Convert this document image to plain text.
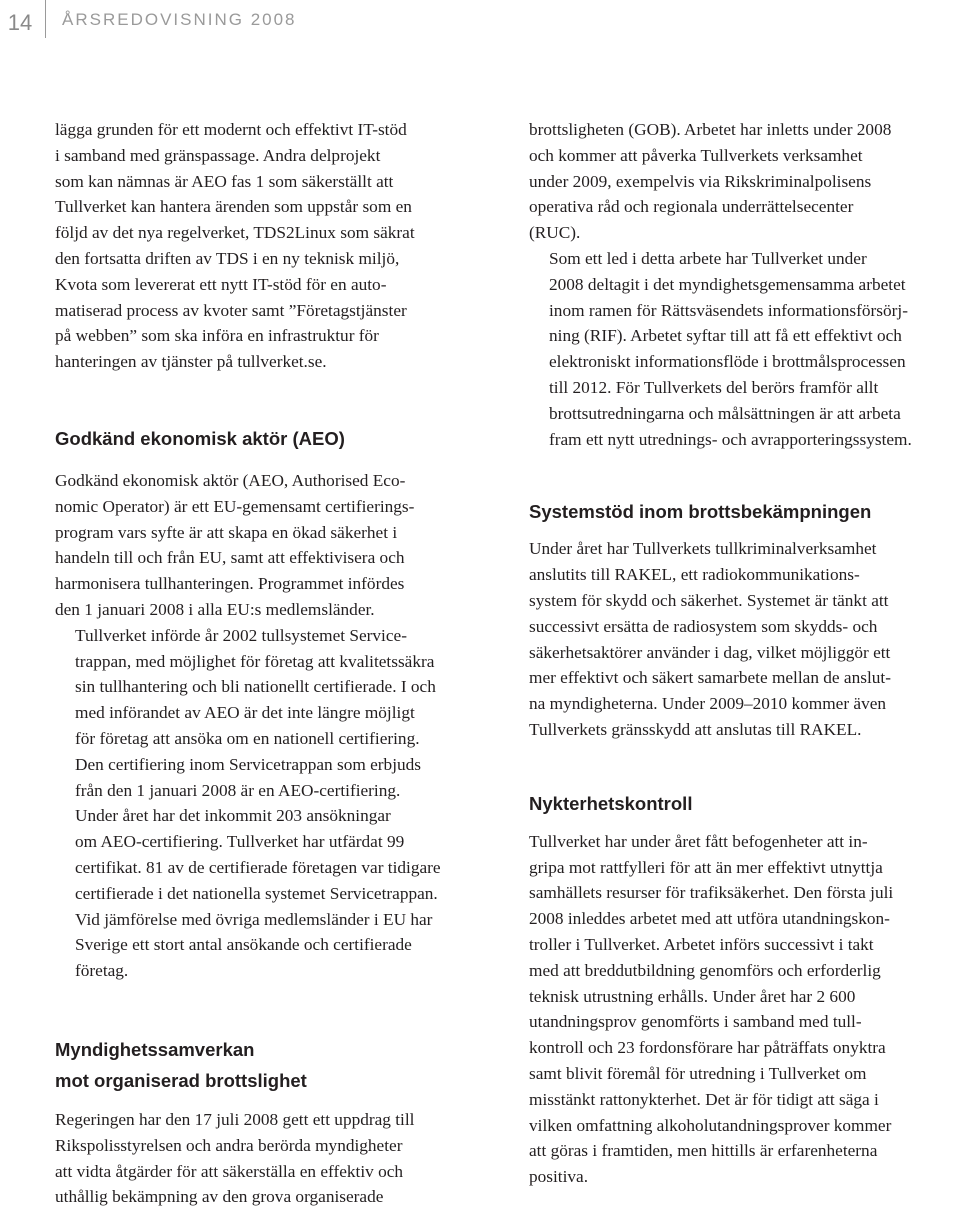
14	ÅRSREDOVISNING 2008

lägga grunden för ett modernt och effektivt IT-stöd
i samband med gränspassage. Andra delprojekt
som kan nämnas är AEO fas 1 som säkerställt att
Tullverket kan hantera ärenden som uppstår som en
följd av det nya regelverket, TDS2Linux som säkrat
den fortsatta driften av TDS i en ny teknisk miljö,
Kvota som levererat ett nytt IT-stöd för en auto-
matiserad process av kvoter samt ”Företagstjänster
på webben” som ska införa en infrastruktur för
hanteringen av tjänster på tullverket.se.

Godkänd ekonomisk aktör (AEO)

Godkänd ekonomisk aktör (AEO, Authorised Eco-
nomic Operator) är ett EU-gemensamt certifierings-
program vars syfte är att skapa en ökad säkerhet i
handeln till och från EU, samt att effektivisera och
harmonisera tullhanteringen. Programmet infördes
den 1 januari 2008 i alla EU:s medlemsländer.

Tullverket införde år 2002 tullsystemet Service-
trappan, med möjlighet för företag att kvalitetssäkra
sin tullhantering och bli nationellt certifierade. I och
med införandet av AEO är det inte längre möjligt
för företag att ansöka om en nationell certifiering.
Den certifiering inom Servicetrappan som erbjuds
från den 1 januari 2008 är en AEO-certifiering.

Under året har det inkommit 203 ansökningar
om AEO-certifiering. Tullverket har utfärdat 99
certifikat. 81 av de certifierade företagen var tidigare
certifierade i det nationella systemet Servicetrappan.
Vid jämförelse med övriga medlemsländer i EU har
Sverige ett stort antal ansökande och certifierade
företag.

Myndighetssamverkan
mot organiserad brottslighet

Regeringen har den 17 juli 2008 gett ett uppdrag till
Rikspolisstyrelsen och andra berörda myndigheter
att vidta åtgärder för att säkerställa en effektiv och
uthållig bekämpning av den grova organiserade

brottsligheten (GOB). Arbetet har inletts under 2008
och kommer att påverka Tullverkets verksamhet
under 2009, exempelvis via Rikskriminalpolisens
operativa råd och regionala underrättelsecenter
(RUC).

Som ett led i detta arbete har Tullverket under
2008 deltagit i det myndighetsgemensamma arbetet
inom ramen för Rättsväsendets informationsförsörj-
ning (RIF). Arbetet syftar till att få ett effektivt och
elektroniskt informationsflöde i brottmålsprocessen
till 2012. För Tullverkets del berörs framför allt
brottsutredningarna och målsättningen är att arbeta
fram ett nytt utrednings- och avrapporteringssystem.

Systemstöd inom brottsbekämpningen

Under året har Tullverkets tullkriminalverksamhet
anslutits till RAKEL, ett radiokommunikations-
system för skydd och säkerhet. Systemet är tänkt att
successivt ersätta de radiosystem som skydds- och
säkerhetsaktörer använder i dag, vilket möjliggör ett
mer effektivt och säkert samarbete mellan de anslut-
na myndigheterna. Under 2009–2010 kommer även
Tullverkets gränsskydd att anslutas till RAKEL.

Nykterhetskontroll

Tullverket har under året fått befogenheter att in-
gripa mot rattfylleri för att än mer effektivt utnyttja
samhällets resurser för trafiksäkerhet. Den första juli
2008 inleddes arbetet med att utföra utandningskon-
troller i Tullverket. Arbetet införs successivt i takt
med att breddutbildning genomförs och erforderlig
teknisk utrustning erhålls. Under året har 2 600
utandningsprov genomförts i samband med tull-
kontroll och 23 fordonsförare har påträffats onyktra
samt blivit föremål för utredning i Tullverket om
misstänkt rattonykterhet. Det är för tidigt att säga i
vilken omfattning alkoholutandningsprover kommer
att göras i framtiden, men hittills är erfarenheterna
positiva.
